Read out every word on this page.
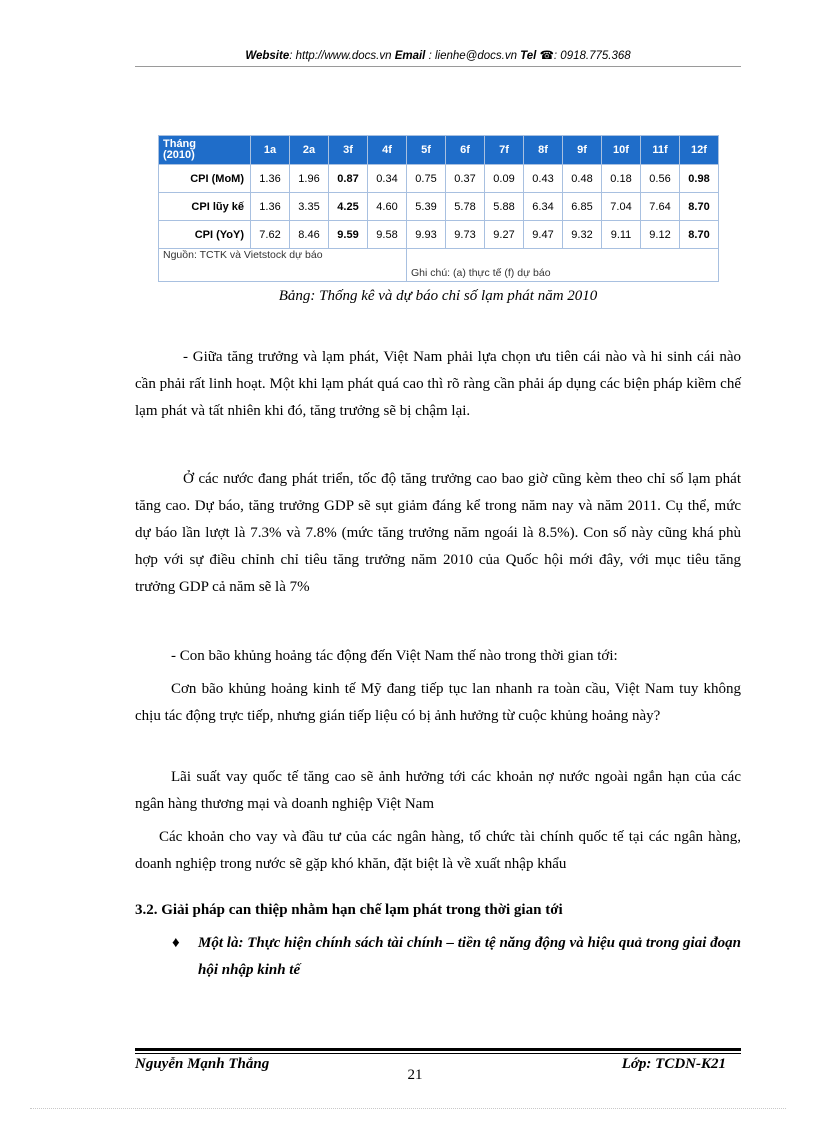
Website: http://www.docs.vn Email : lienhe@docs.vn Tel ☎: 0918.775.368
Tháng
(2010)	1a	2a	3f	4f	5f	6f	7f	8f	9f	10f	11f	12f
CPI (MoM)	1.36	1.96	0.87	0.34	0.75	0.37	0.09	0.43	0.48	0.18	0.56	0.98
CPI lũy kế	1.36	3.35	4.25	4.60	5.39	5.78	5.88	6.34	6.85	7.04	7.64	8.70
CPI (YoY)	7.62	8.46	9.59	9.58	9.93	9.73	9.27	9.47	9.32	9.11	9.12	8.70
Nguồn: TCTK và Vietstock dự báo					Ghi chú: (a) thực tế (f) dự báo							
Bảng: Thống kê và dự báo chỉ số lạm phát năm 2010

- Giữa tăng trưởng và lạm phát, Việt Nam phải lựa chọn ưu tiên cái nào và hi sinh cái nào cần phải rất linh hoạt. Một khi lạm phát quá cao thì rõ ràng cần phải áp dụng các biện pháp kiềm chế lạm phát và tất nhiên khi đó, tăng trưởng sẽ bị chậm lại.

Ở các nước đang phát triển, tốc độ tăng trưởng cao bao giờ cũng kèm theo chỉ số lạm phát tăng cao. Dự báo, tăng trưởng GDP sẽ sụt giảm đáng kể trong năm nay và năm 2011. Cụ thể, mức dự báo lần lượt là 7.3% và 7.8% (mức tăng trưởng năm ngoái là 8.5%). Con số này cũng khá phù hợp với sự điều chỉnh chỉ tiêu tăng trưởng năm 2010 của Quốc hội mới đây, với mục tiêu tăng trưởng GDP cả năm sẽ là 7%

- Con bão khủng hoảng tác động đến Việt Nam thế nào trong thời gian tới:

Cơn bão khủng hoảng kinh tế Mỹ đang tiếp tục lan nhanh ra toàn cầu, Việt Nam tuy không chịu tác động trực tiếp, nhưng gián tiếp liệu có bị ảnh hưởng từ cuộc khủng hoảng này?

Lãi suất vay quốc tế tăng cao sẽ ảnh hưởng tới các khoản nợ nước ngoài ngắn hạn của các ngân hàng thương mại và doanh nghiệp Việt Nam

Các khoản cho vay và đầu tư của các ngân hàng, tổ chức tài chính quốc tế tại các ngân hàng, doanh nghiệp trong nước sẽ gặp khó khăn, đặt biệt là về xuất nhập khẩu

3.2. Giải pháp can thiệp nhằm hạn chế lạm phát trong thời gian tới
♦ Một là: Thực hiện chính sách tài chính – tiền tệ năng động và hiệu quả trong giai đoạn hội nhập kinh tế
Nguyễn Mạnh Thắng
21
Lớp: TCDN-K21
